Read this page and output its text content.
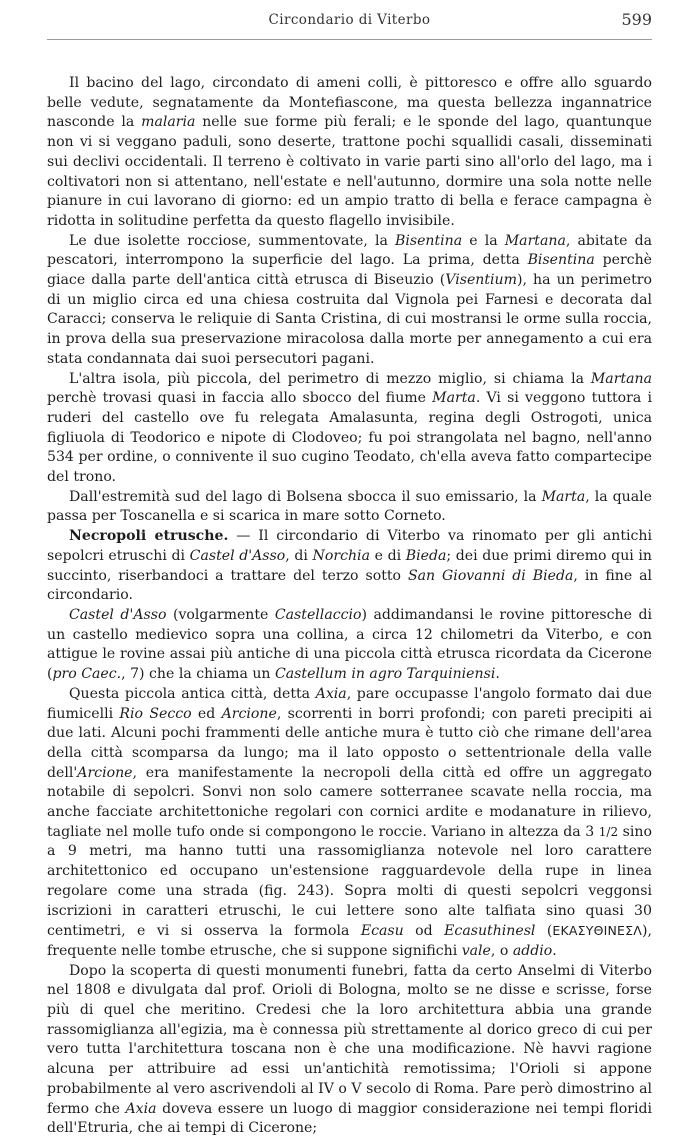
Circondario di Viterbo	599

Il bacino del lago, circondato di ameni colli, è pittoresco e offre allo sguardo belle vedute, segnatamente da Montefiascone, ma questa bellezza ingannatrice nasconde la malaria nelle sue forme più ferali; e le sponde del lago, quantunque non vi si veggano paduli, sono deserte, trattone pochi squallidi casali, disseminati sui declivi occidentali. Il terreno è coltivato in varie parti sino all'orlo del lago, ma i coltivatori non si attentano, nell'estate e nell'autunno, dormire una sola notte nelle pianure in cui lavorano di giorno: ed un ampio tratto di bella e ferace campagna è ridotta in solitudine perfetta da questo flagello invisibile.

Le due isolette rocciose, summentovate, la Bisentina e la Martana, abitate da pescatori, interrompono la superficie del lago. La prima, detta Bisentina perchè giace dalla parte dell'antica città etrusca di Biseuzio (Visentium), ha un perimetro di un miglio circa ed una chiesa costruita dal Vignola pei Farnesi e decorata dal Caracci; conserva le reliquie di Santa Cristina, di cui mostransi le orme sulla roccia, in prova della sua preservazione miracolosa dalla morte per annegamento a cui era stata condannata dai suoi persecutori pagani.

L'altra isola, più piccola, del perimetro di mezzo miglio, si chiama la Martana perchè trovasi quasi in faccia allo sbocco del fiume Marta. Vi si veggono tuttora i ruderi del castello ove fu relegata Amalasunta, regina degli Ostrogoti, unica figliuola di Teodorico e nipote di Clodoveo; fu poi strangolata nel bagno, nell'anno 534 per ordine, o connivente il suo cugino Teodato, ch'ella aveva fatto compartecipe del trono.

Dall'estremità sud del lago di Bolsena sbocca il suo emissario, la Marta, la quale passa per Toscanella e si scarica in mare sotto Corneto.

Necropoli etrusche. — Il circondario di Viterbo va rinomato per gli antichi sepolcri etruschi di Castel d'Asso, di Norchia e di Bieda; dei due primi diremo qui in succinto, riserbandoci a trattare del terzo sotto San Giovanni di Bieda, in fine al circondario.

Castel d'Asso (volgarmente Castellaccio) addimandansi le rovine pittoresche di un castello medievico sopra una collina, a circa 12 chilometri da Viterbo, e con attigue le rovine assai più antiche di una piccola città etrusca ricordata da Cicerone (pro Caec., 7) che la chiama un Castellum in agro Tarquiniensi.

Questa piccola antica città, detta Axia, pare occupasse l'angolo formato dai due fiumicelli Rio Secco ed Arcione, scorrenti in borri profondi; con pareti precipiti ai due lati. Alcuni pochi frammenti delle antiche mura è tutto ciò che rimane dell'area della città scomparsa da lungo; ma il lato opposto o settentrionale della valle dell'Arcione, era manifestamente la necropoli della città ed offre un aggregato notabile di sepolcri. Sonvi non solo camere sotterranee scavate nella roccia, ma anche facciate architettoniche regolari con cornici ardite e modanature in rilievo, tagliate nel molle tufo onde si compongono le roccie. Variano in altezza da 3 1/2 sino a 9 metri, ma hanno tutti una rassomiglianza notevole nel loro carattere architettonico ed occupano un'estensione ragguardevole della rupe in linea regolare come una strada (fig. 243). Sopra molti di questi sepolcri veggonsi iscrizioni in caratteri etruschi, le cui lettere sono alte talfiata sino quasi 30 centimetri, e vi si osserva la formola Ecasu od Ecasuthinesl (ΕΚΑΣΥΘΙΝΕΣΛ), frequente nelle tombe etrusche, che si suppone significhi vale, o addio.

Dopo la scoperta di questi monumenti funebri, fatta da certo Anselmi di Viterbo nel 1808 e divulgata dal prof. Orioli di Bologna, molto se ne disse e scrisse, forse più di quel che meritino. Credesi che la loro architettura abbia una grande rassomiglianza all'egizia, ma è connessa più strettamente al dorico greco di cui per vero tutta l'architettura toscana non è che una modificazione. Nè havvi ragione alcuna per attribuire ad essi un'antichità remotissima; l'Orioli si appone probabilmente al vero ascrivendoli al IV o V secolo di Roma. Pare però dimostrino al fermo che Axia doveva essere un luogo di maggior considerazione nei tempi floridi dell'Etruria, che ai tempi di Cicerone;
